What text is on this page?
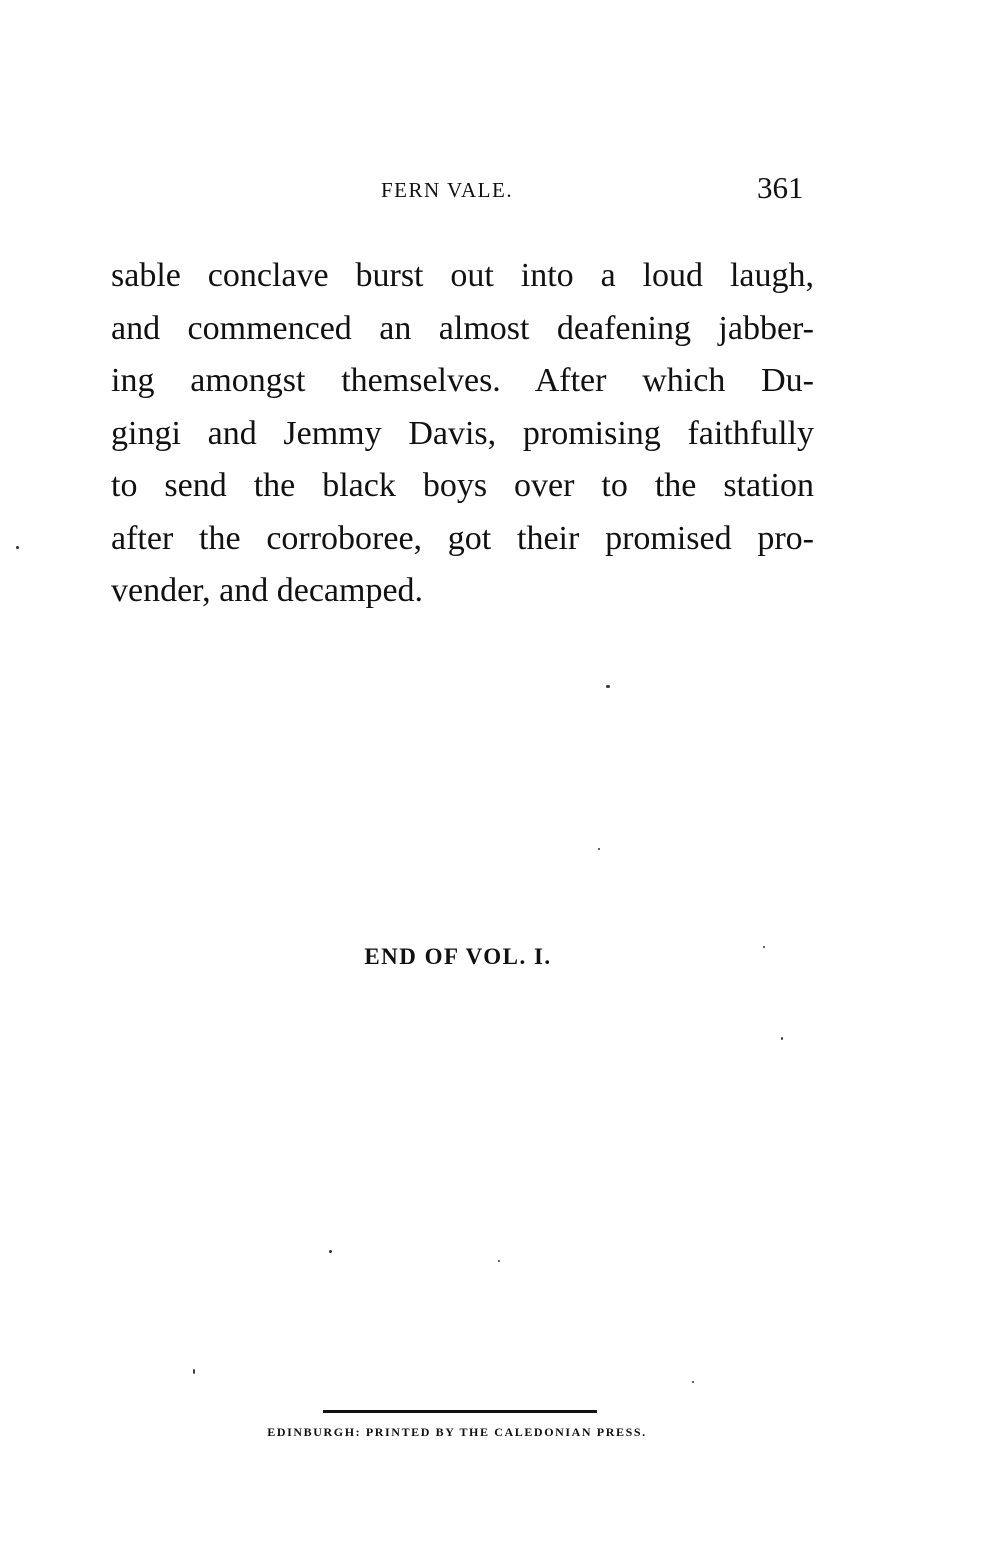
FERN VALE.	361
sable conclave burst out into a loud laugh,
and commenced an almost deafening jabber-
ing amongst themselves. After which Du-
gingi and Jemmy Davis, promising faithfully
to send the black boys over to the station
after the corroboree, got their promised pro-
vender, and decamped.
END OF VOL. I.
EDINBURGH: PRINTED BY THE CALEDONIAN PRESS.
